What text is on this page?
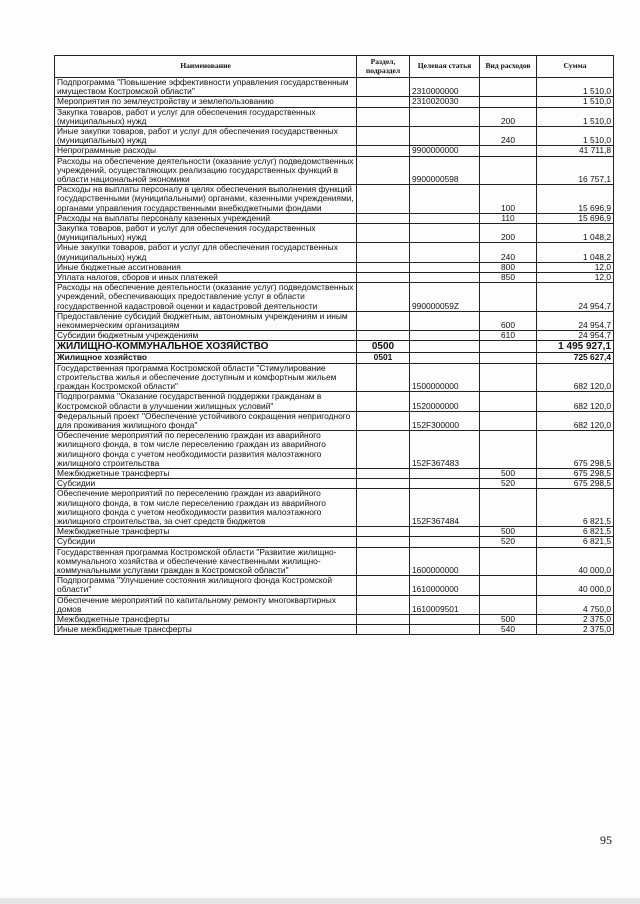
Наименование	Раздел, подраздел	Целевая статья	Вид расходов	Сумма
Подпрограмма "Повышение эффективности управления государственным имуществом Костромской области"		2310000000		1 510,0
Мероприятия по землеустройству и землепользованию		2310020030		1 510,0
Закупка товаров, работ и услуг для обеспечения государственных (муниципальных) нужд			200	1 510,0
Иные закупки товаров, работ и услуг для обеспечения государственных (муниципальных) нужд			240	1 510,0
Непрограммные расходы		9900000000		41 711,8
Расходы на обеспечение деятельности (оказание услуг) подведомственных учреждений, осуществляющих реализацию государственных функций в области национальной экономики		9900000598		16 757,1
Расходы на выплаты персоналу в целях обеспечения выполнения функций государственными (муниципальными) органами, казенными учреждениями, органами управления государственными внебюджетными фондами			100	15 696,9
Расходы на выплаты персоналу казенных учреждений			110	15 696,9
Закупка товаров, работ и услуг для обеспечения государственных (муниципальных) нужд			200	1 048,2
Иные закупки товаров, работ и услуг для обеспечения государственных (муниципальных) нужд			240	1 048,2
Иные бюджетные ассигнования			800	12,0
Уплата налогов, сборов и иных платежей			850	12,0
Расходы на обеспечение деятельности (оказание услуг) подведомственных учреждений, обеспечивающих предоставление услуг в области государственной кадастровой оценки и кадастровой деятельности		990000059Z		24 954,7
Предоставление субсидий бюджетным, автономным учреждениям и иным некоммерческим организациям			600	24 954,7
Субсидии бюджетным учреждениям			610	24 954,7
ЖИЛИЩНО-КОММУНАЛЬНОЕ ХОЗЯЙСТВО	0500			1 495 927,1
Жилищное хозяйство	0501			725 627,4
Государственная программа Костромской области "Стимулирование строительства жилья и обеспечение доступным и комфортным жильем граждан Костромской области"		1500000000		682 120,0
Подпрограмма "Оказание государственной поддержки гражданам в Костромской области в улучшении жилищных условий"		1520000000		682 120,0
Федеральный проект "Обеспечение устойчивого сокращения непригодного для проживания жилищного фонда"		152F300000		682 120,0
Обеспечение мероприятий по переселению граждан из аварийного жилищного фонда, в том числе переселению граждан из аварийного жилищного фонда с учетом необходимости развития малоэтажного жилищного строительства		152F367483		675 298,5
Межбюджетные трансферты			500	675 298,5
Субсидии			520	675 298,5
Обеспечение мероприятий по переселению граждан из аварийного жилищного фонда, в том числе переселению граждан из аварийного жилищного фонда с учетом необходимости развития малоэтажного жилищного строительства, за счет средств бюджетов		152F367484		6 821,5
Межбюджетные трансферты			500	6 821,5
Субсидии			520	6 821,5
Государственная программа Костромской области "Развитие жилищно-коммунального хозяйства и обеспечение качественными жилищно-коммунальными услугами граждан в Костромской области"		1600000000		40 000,0
Подпрограмма "Улучшение состояния жилищного фонда Костромской области"		1610000000		40 000,0
Обеспечение мероприятий по капитальному ремонту многоквартирных домов		1610009501		4 750,0
Межбюджетные трансферты			500	2 375,0
Иные межбюджетные трансферты			540	2 375,0
95
